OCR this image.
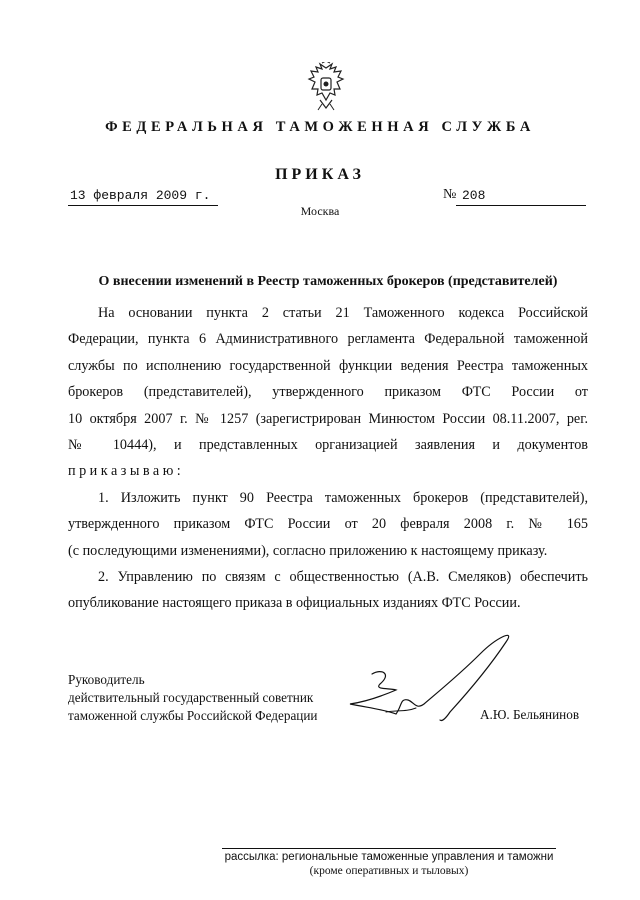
ФЕДЕРАЛЬНАЯ ТАМОЖЕННАЯ СЛУЖБА
ПРИКАЗ
13 февраля 2009 г.	№ 208
Москва
О внесении изменений в Реестр таможенных брокеров (представителей)
На основании пункта 2 статьи 21 Таможенного кодекса Российской
Федерации, пункта 6 Административного регламента Федеральной таможенной
службы по исполнению государственной функции ведения Реестра таможенных
брокеров (представителей), утвержденного приказом ФТС России от
10 октября 2007 г. № 1257 (зарегистрирован Минюстом России 08.11.2007, рег.
№ 10444), и представленных организацией заявления и документов
приказываю:
1. Изложить пункт 90 Реестра таможенных брокеров (представителей),
утвержденного приказом ФТС России от 20 февраля 2008 г. № 165
(с последующими изменениями), согласно приложению к настоящему приказу.
2. Управлению по связям с общественностью (А.В. Смеляков) обеспечить
опубликование настоящего приказа в официальных изданиях ФТС России.
Руководитель
действительный государственный советник
таможенной службы Российской Федерации	А.Ю. Бельянинов
рассылка: региональные таможенные управления и таможни
(кроме оперативных и тыловых)
